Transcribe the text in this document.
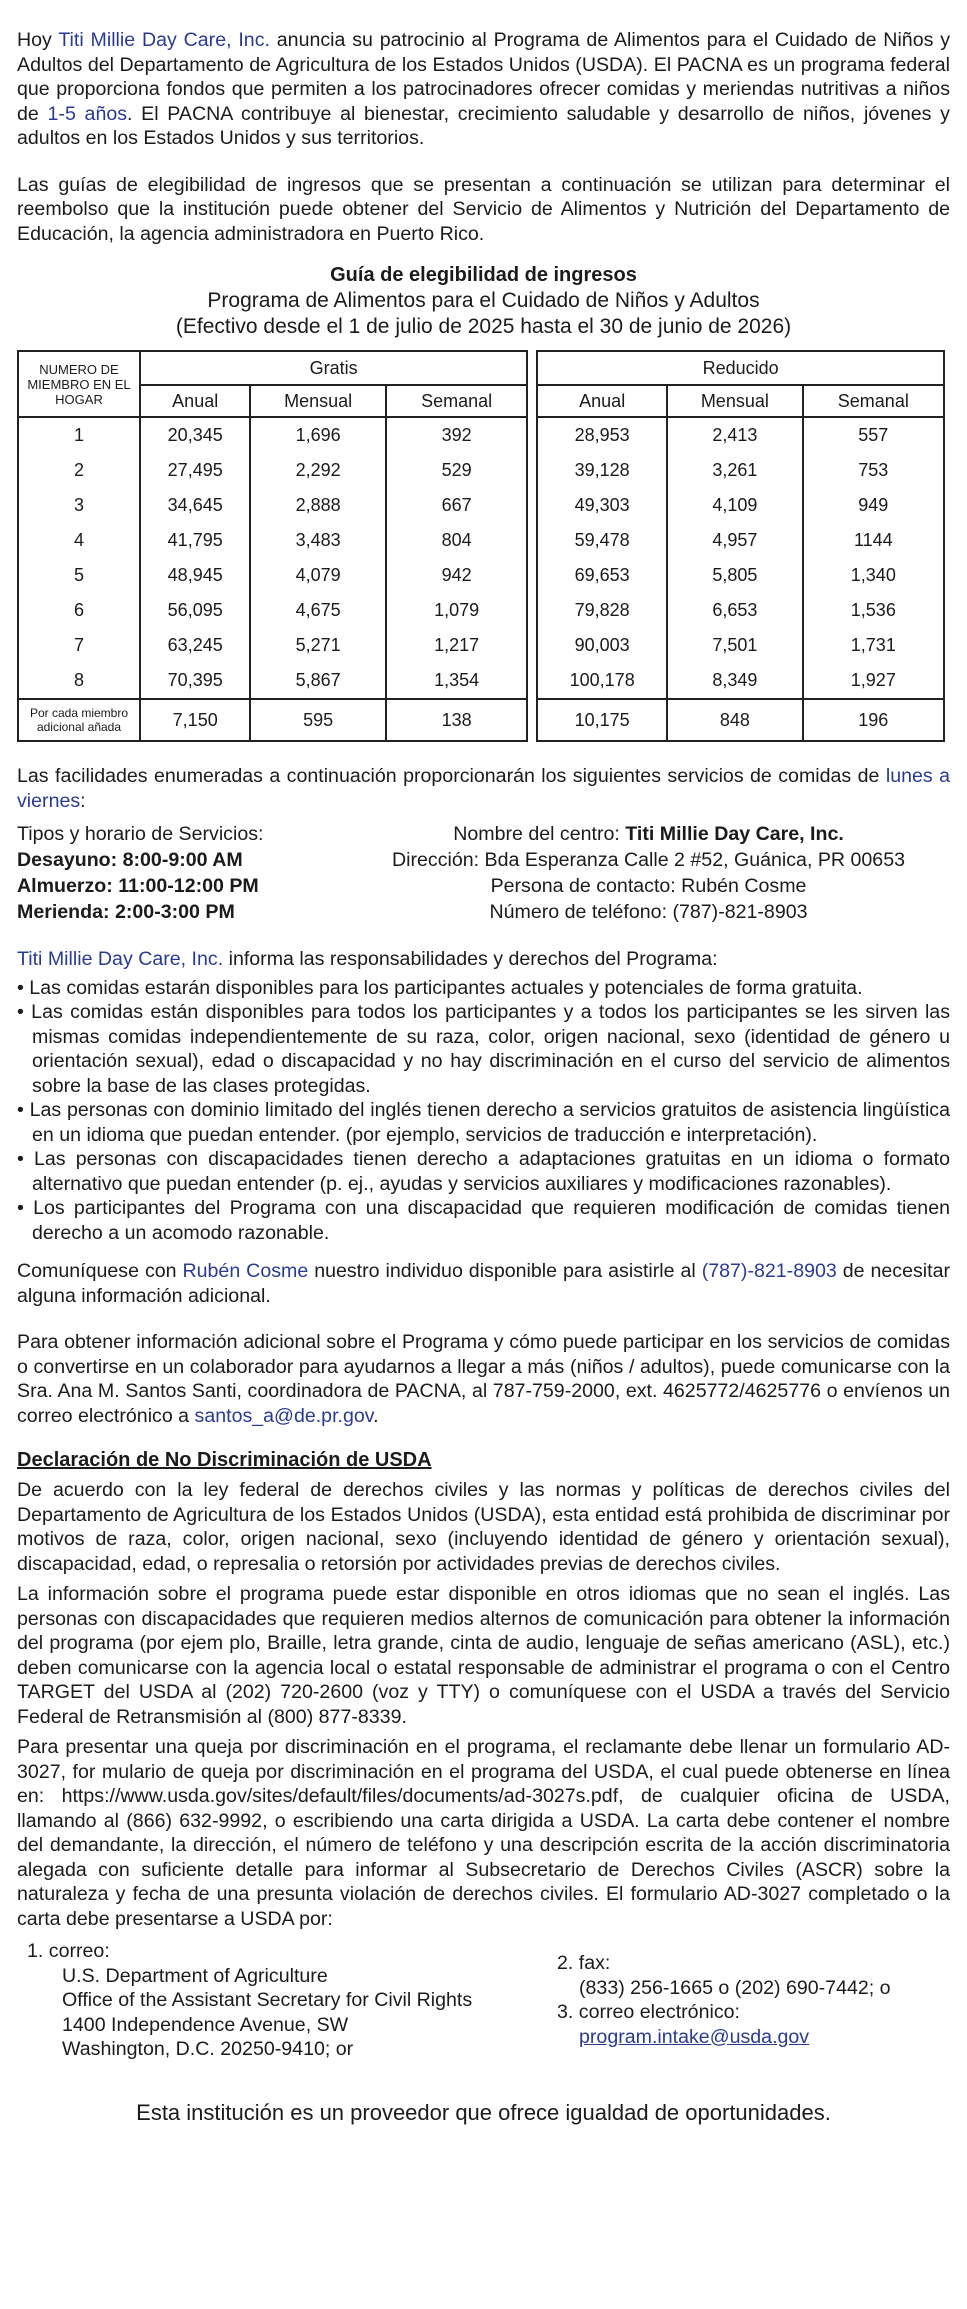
Hoy Titi Millie Day Care, Inc. anuncia su patrocinio al Programa de Alimentos para el Cuidado de Niños y Adultos del Departamento de Agricultura de los Estados Unidos (USDA). El PACNA es un programa federal que proporciona fondos que permiten a los patrocinadores ofrecer comidas y meriendas nutritivas a niños de 1-5 años. El PACNA contribuye al bienestar, crecimiento saludable y desarrollo de niños, jóvenes y adultos en los Estados Unidos y sus territorios.

Las guías de elegibilidad de ingresos que se presentan a continuación se utilizan para determinar el reembolso que la institución puede obtener del Servicio de Alimentos y Nutrición del Departamento de Educación, la agencia administradora en Puerto Rico.

Guía de elegibilidad de ingresos
Programa de Alimentos para el Cuidado de Niños y Adultos
(Efectivo desde el 1 de julio de 2025 hasta el 30 de junio de 2026)
NUMERO DE MIEMBRO EN EL HOGAR	Gratis				Reducido		
	Anual	Mensual	Semanal		Anual	Mensual	Semanal
1	20,345	1,696	392		28,953	2,413	557
2	27,495	2,292	529		39,128	3,261	753
3	34,645	2,888	667		49,303	4,109	949
4	41,795	3,483	804		59,478	4,957	1144
5	48,945	4,079	942		69,653	5,805	1,340
6	56,095	4,675	1,079		79,828	6,653	1,536
7	63,245	5,271	1,217		90,003	7,501	1,731
8	70,395	5,867	1,354		100,178	8,349	1,927
Por cada miembro adicional añada	7,150	595	138		10,175	848	196

Las facilidades enumeradas a continuación proporcionarán los siguientes servicios de comidas de lunes a viernes:

Tipos y horario de Servicios:
Desayuno: 8:00-9:00 AM
Almuerzo: 11:00-12:00 PM
Merienda: 2:00-3:00 PM
Nombre del centro: Titi Millie Day Care, Inc.
Dirección: Bda Esperanza Calle 2 #52, Guánica, PR 00653
Persona de contacto: Rubén Cosme
Número de teléfono: (787)-821-8903

Titi Millie Day Care, Inc. informa las responsabilidades y derechos del Programa:

• Las comidas estarán disponibles para los participantes actuales y potenciales de forma gratuita.
• Las comidas están disponibles para todos los participantes y a todos los participantes se les sirven las mismas comidas independientemente de su raza, color, origen nacional, sexo (identidad de género u orientación sexual), edad o discapacidad y no hay discriminación en el curso del servicio de alimentos sobre la base de las clases protegidas.
• Las personas con dominio limitado del inglés tienen derecho a servicios gratuitos de asistencia lingüística en un idioma que puedan entender. (por ejemplo, servicios de traducción e interpretación).
• Las personas con discapacidades tienen derecho a adaptaciones gratuitas en un idioma o formato alternativo que puedan entender (p. ej., ayudas y servicios auxiliares y modificaciones razonables).
• Los participantes del Programa con una discapacidad que requieren modificación de comidas tienen derecho a un acomodo razonable.

Comuníquese con Rubén Cosme nuestro individuo disponible para asistirle al (787)-821-8903 de necesitar alguna información adicional.

Para obtener información adicional sobre el Programa y cómo puede participar en los servicios de comidas o convertirse en un colaborador para ayudarnos a llegar a más (niños / adultos), puede comunicarse con la Sra. Ana M. Santos Santi, coordinadora de PACNA, al 787-759-2000, ext. 4625772/4625776 o envíenos un correo electrónico a santos_a@de.pr.gov.

Declaración de No Discriminación de USDA

De acuerdo con la ley federal de derechos civiles y las normas y políticas de derechos civiles del Departamento de Agricultura de los Estados Unidos (USDA), esta entidad está prohibida de discriminar por motivos de raza, color, origen nacional, sexo (incluyendo identidad de género y orientación sexual), discapacidad, edad, o represalia o retorsión por actividades previas de derechos civiles.

La información sobre el programa puede estar disponible en otros idiomas que no sean el inglés. Las personas con discapacidades que requieren medios alternos de comunicación para obtener la información del programa (por ejem plo, Braille, letra grande, cinta de audio, lenguaje de señas americano (ASL), etc.) deben comunicarse con la agencia local o estatal responsable de administrar el programa o con el Centro TARGET del USDA al (202) 720-2600 (voz y TTY) o comuníquese con el USDA a través del Servicio Federal de Retransmisión al (800) 877-8339.

Para presentar una queja por discriminación en el programa, el reclamante debe llenar un formulario AD-3027, for mulario de queja por discriminación en el programa del USDA, el cual puede obtenerse en línea en: https://www.usda.gov/sites/default/files/documents/ad-3027s.pdf, de cualquier oficina de USDA, llamando al (866) 632-9992, o escribiendo una carta dirigida a USDA. La carta debe contener el nombre del demandante, la dirección, el número de teléfono y una descripción escrita de la acción discriminatoria alegada con suficiente detalle para informar al Subsecretario de Derechos Civiles (ASCR) sobre la naturaleza y fecha de una presunta violación de derechos civiles. El formulario AD-3027 completado o la carta debe presentarse a USDA por:

1. correo:
U.S. Department of Agriculture
Office of the Assistant Secretary for Civil Rights
1400 Independence Avenue, SW
Washington, D.C. 20250-9410; or
2. fax:
(833) 256-1665 o (202) 690-7442; o
3. correo electrónico:
program.intake@usda.gov
Esta institución es un proveedor que ofrece igualdad de oportunidades.
